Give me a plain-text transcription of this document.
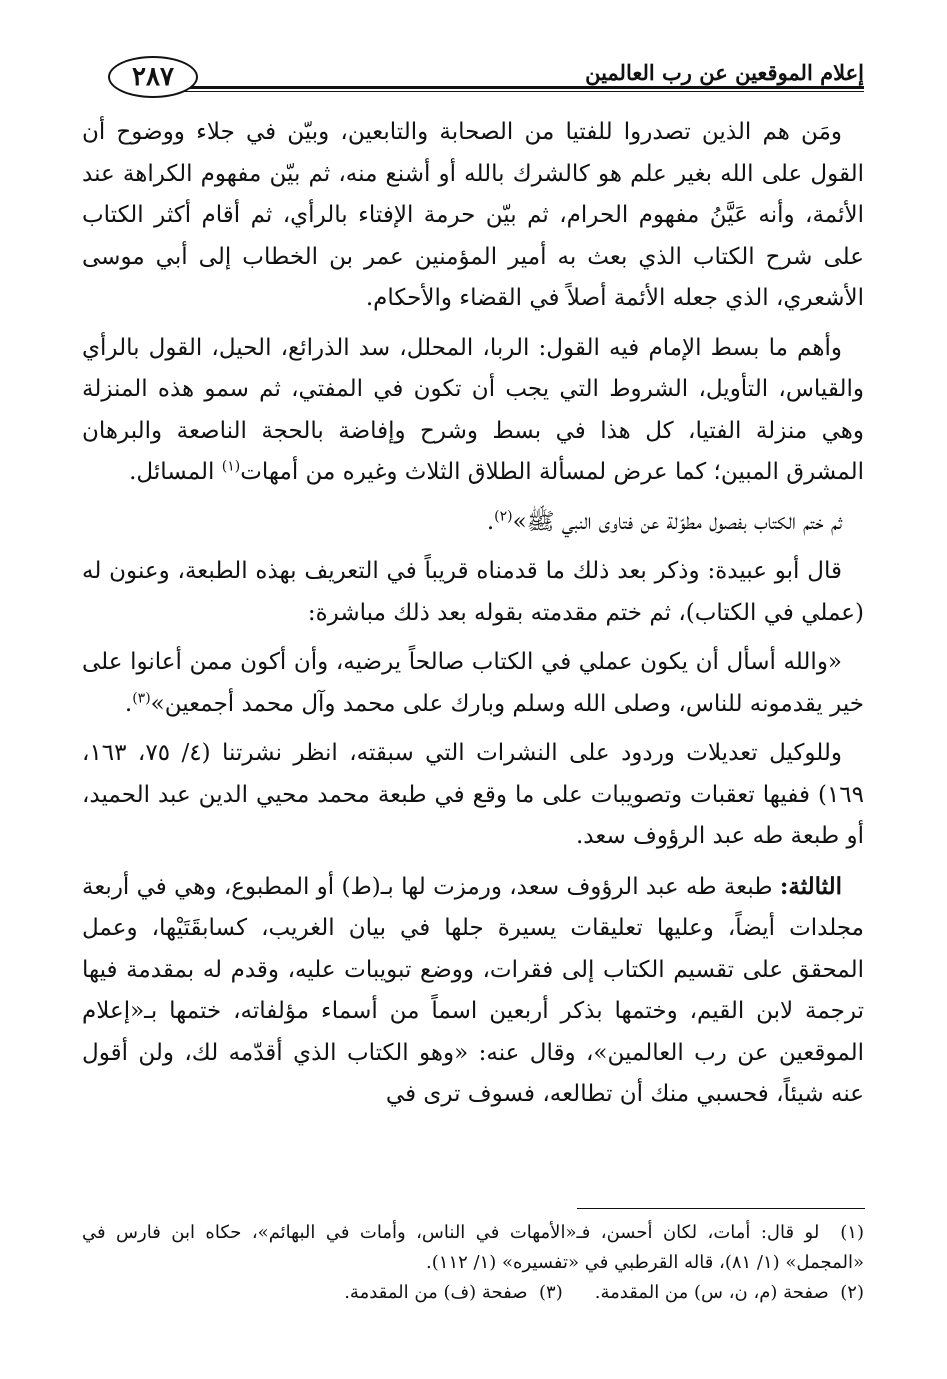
إعلام الموقعين عن رب العالمين
٢٨٧

ومَن هم الذين تصدروا للفتيا من الصحابة والتابعين، وبيّن في جلاء ووضوح أن القول على الله بغير علم هو كالشرك بالله أو أشنع منه، ثم بيّن مفهوم الكراهة عند الأئمة، وأنه عَيَّنُ مفهوم الحرام، ثم بيّن حرمة الإفتاء بالرأي، ثم أقام أكثر الكتاب على شرح الكتاب الذي بعث به أمير المؤمنين عمر بن الخطاب إلى أبي موسى الأشعري، الذي جعله الأئمة أصلاً في القضاء والأحكام.

وأهم ما بسط الإمام فيه القول: الربا، المحلل، سد الذرائع، الحيل، القول بالرأي والقياس، التأويل، الشروط التي يجب أن تكون في المفتي، ثم سمو هذه المنزلة وهي منزلة الفتيا، كل هذا في بسط وشرح وإفاضة بالحجة الناصعة والبرهان المشرق المبين؛ كما عرض لمسألة الطلاق الثلاث وغيره من أمهات$^{(١)}$ المسائل.

ثم ختم الكتاب بفصول مطوّلة عن فتاوى النبي ﷺ»$^{(٢)}$.

قال أبو عبيدة: وذكر بعد ذلك ما قدمناه قريباً في التعريف بهذه الطبعة، وعنون له (عملي في الكتاب)، ثم ختم مقدمته بقوله بعد ذلك مباشرة:

«والله أسأل أن يكون عملي في الكتاب صالحاً يرضيه، وأن أكون ممن أعانوا على خير يقدمونه للناس، وصلى الله وسلم وبارك على محمد وآل محمد أجمعين»$^{(٣)}$.

وللوكيل تعديلات وردود على النشرات التي سبقته، انظر نشرتنا (٤/ ٧٥، ١٦٣، ١٦٩) ففيها تعقبات وتصويبات على ما وقع في طبعة محمد محيي الدين عبد الحميد، أو طبعة طه عبد الرؤوف سعد.

الثالثة: طبعة طه عبد الرؤوف سعد، ورمزت لها بـ(ط) أو المطبوع، وهي في أربعة مجلدات أيضاً، وعليها تعليقات يسيرة جلها في بيان الغريب، كسابقَتَيْها، وعمل المحقق على تقسيم الكتاب إلى فقرات، ووضع تبويبات عليه، وقدم له بمقدمة فيها ترجمة لابن القيم، وختمها بذكر أربعين اسماً من أسماء مؤلفاته، ختمها بـ«إعلام الموقعين عن رب العالمين»، وقال عنه: «وهو الكتاب الذي أقدّمه لك، ولن أقول عنه شيئاً، فحسبي منك أن تطالعه، فسوف ترى في

(١)  لو قال: أمات، لكان أحسن، فـ«الأمهات في الناس، وأمات في البهائم»، حكاه ابن فارس في «المجمل» (١/ ٨١)، قاله القرطبي في «تفسيره» (١/ ١١٢).

(٢)  صفحة (م، ن، س) من المقدمة.(٣)  صفحة (ف) من المقدمة.
